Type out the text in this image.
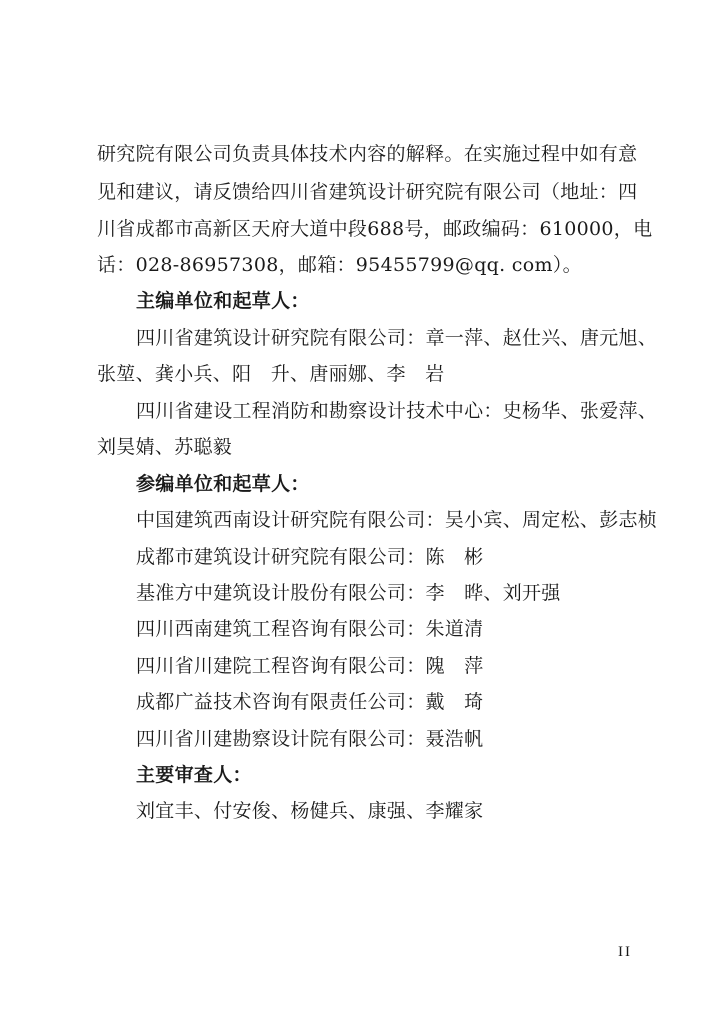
研究院有限公司负责具体技术内容的解释。在实施过程中如有意
见和建议，请反馈给四川省建筑设计研究院有限公司（地址：四
川省成都市高新区天府大道中段688号，邮政编码：610000，电
话：028-86957308，邮箱：95455799@qq. com）。
主编单位和起草人：
四川省建筑设计研究院有限公司：章一萍、赵仕兴、唐元旭、
张堃、龚小兵、阳　升、唐丽娜、李　岩
四川省建设工程消防和勘察设计技术中心：史杨华、张爱萍、
刘昊婧、苏聪毅
参编单位和起草人：
中国建筑西南设计研究院有限公司：吴小宾、周定松、彭志桢
成都市建筑设计研究院有限公司：陈　彬
基准方中建筑设计股份有限公司：李　晔、刘开强
四川西南建筑工程咨询有限公司：朱道清
四川省川建院工程咨询有限公司：隗　萍
成都广益技术咨询有限责任公司：戴　琦
四川省川建勘察设计院有限公司：聂浩帆
主要审查人：
刘宜丰、付安俊、杨健兵、康强、李耀家
II
